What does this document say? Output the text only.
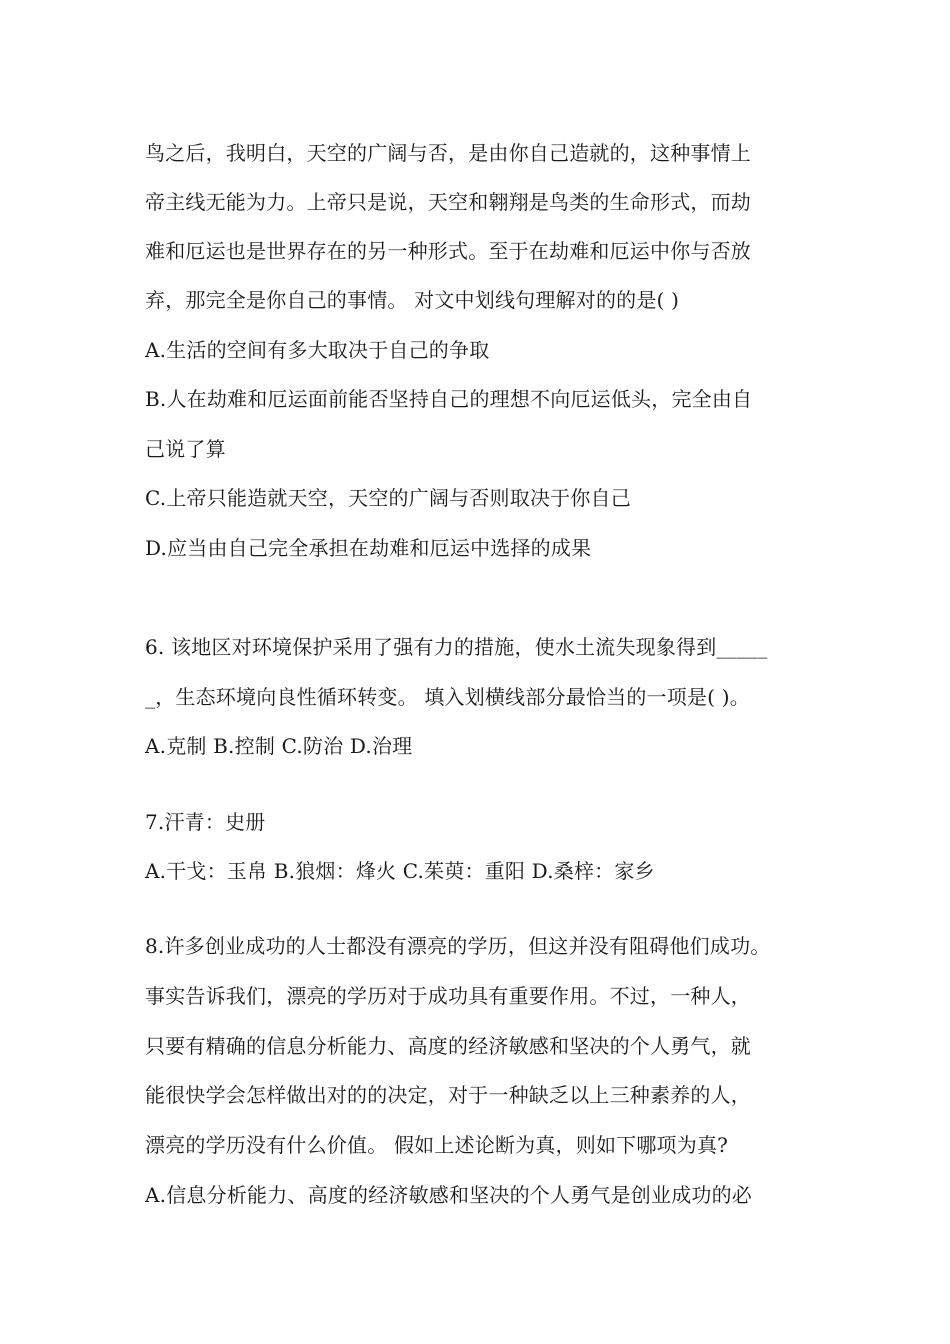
鸟之后，我明白，天空的广阔与否，是由你自己造就的，这种事情上
帝主线无能为力。上帝只是说，天空和翱翔是鸟类的生命形式，而劫
难和厄运也是世界存在的另一种形式。至于在劫难和厄运中你与否放
弃，那完全是你自己的事情。 对文中划线句理解对的的是( )
A.生活的空间有多大取决于自己的争取
B.人在劫难和厄运面前能否坚持自己的理想不向厄运低头，完全由自
己说了算
C.上帝只能造就天空，天空的广阔与否则取决于你自己
D.应当由自己完全承担在劫难和厄运中选择的成果
6. 该地区对环境保护采用了强有力的措施，使水土流失现象得到_____
_，生态环境向良性循环转变。 填入划横线部分最恰当的一项是( )。
A.克制 B.控制 C.防治 D.治理
7.汗青：史册
A.干戈：玉帛 B.狼烟：烽火 C.茱萸：重阳 D.桑梓：家乡
8.许多创业成功的人士都没有漂亮的学历，但这并没有阻碍他们成功。
事实告诉我们，漂亮的学历对于成功具有重要作用。不过，一种人，
只要有精确的信息分析能力、高度的经济敏感和坚决的个人勇气，就
能很快学会怎样做出对的的决定，对于一种缺乏以上三种素养的人，
漂亮的学历没有什么价值。 假如上述论断为真，则如下哪项为真?
A.信息分析能力、高度的经济敏感和坚决的个人勇气是创业成功的必
